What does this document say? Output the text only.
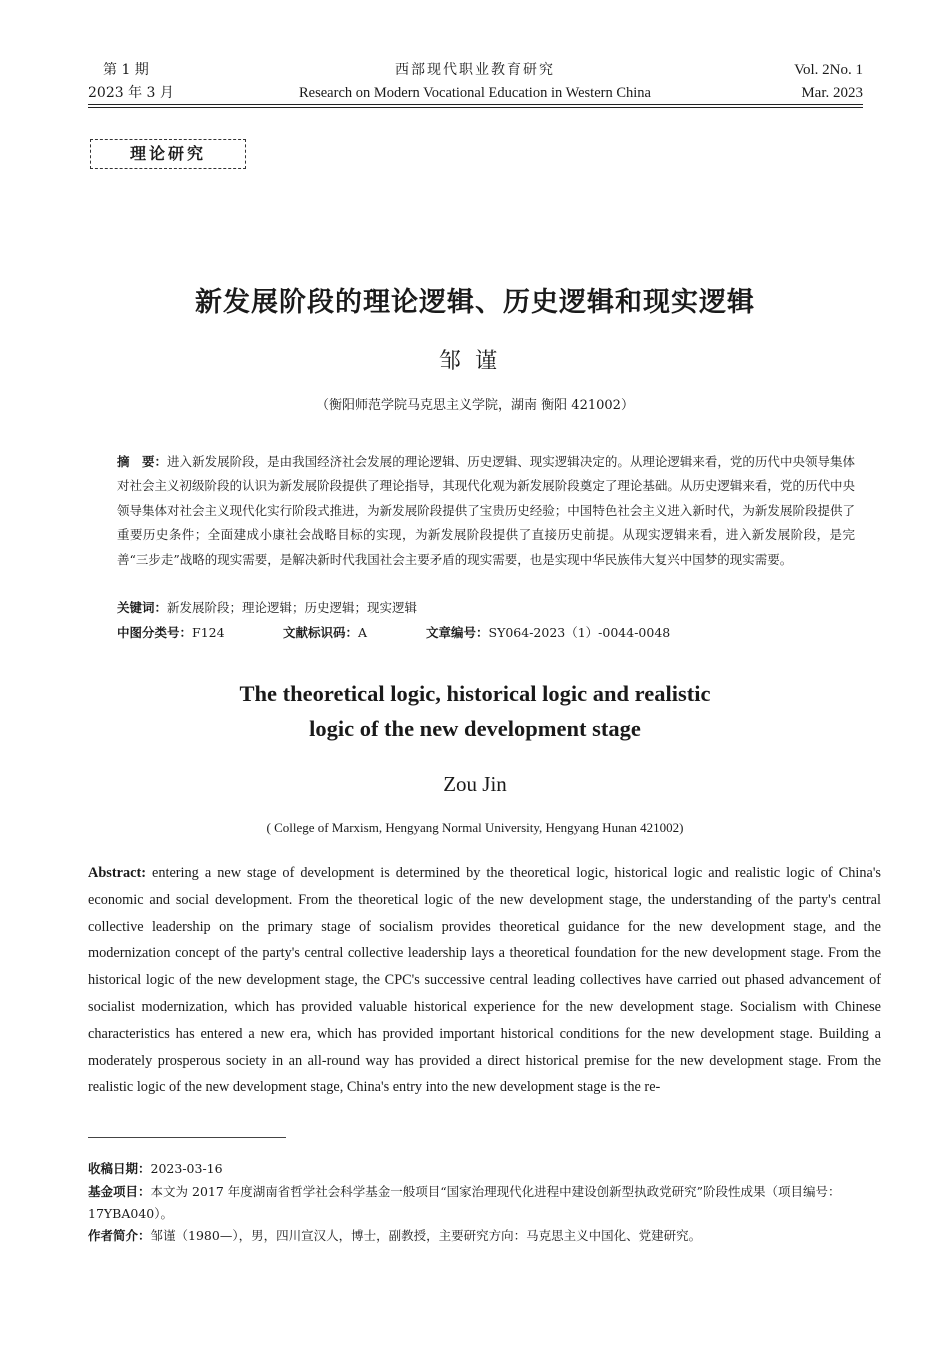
第 1 期
2023 年 3 月
西部现代职业教育研究
Research on Modern Vocational Education in Western China
Vol. 2No. 1
Mar. 2023
理论研究
新发展阶段的理论逻辑、历史逻辑和现实逻辑
邹谨
（衡阳师范学院马克思主义学院，湖南 衡阳 421002）
摘　要：进入新发展阶段，是由我国经济社会发展的理论逻辑、历史逻辑、现实逻辑决定的。从理论逻辑来看，党的历代中央领导集体对社会主义初级阶段的认识为新发展阶段提供了理论指导，其现代化观为新发展阶段奠定了理论基础。从历史逻辑来看，党的历代中央领导集体对社会主义现代化实行阶段式推进，为新发展阶段提供了宝贵历史经验；中国特色社会主义进入新时代，为新发展阶段提供了重要历史条件；全面建成小康社会战略目标的实现，为新发展阶段提供了直接历史前提。从现实逻辑来看，进入新发展阶段，是完善“三步走”战略的现实需要，是解决新时代我国社会主要矛盾的现实需要，也是实现中华民族伟大复兴中国梦的现实需要。
关键词：新发展阶段；理论逻辑；历史逻辑；现实逻辑
中图分类号：F124	文献标识码：A	文章编号：SY064-2023（1）-0044-0048
The theoretical logic, historical logic and realistic
logic of the new development stage
Zou Jin
( College of Marxism, Hengyang Normal University, Hengyang Hunan 421002)
Abstract: entering a new stage of development is determined by the theoretical logic, historical logic and realistic logic of China's economic and social development. From the theoretical logic of the new development stage, the understanding of the party's central collective leadership on the primary stage of socialism provides theoretical guidance for the new development stage, and the modernization concept of the party's central collective leadership lays a theoretical foundation for the new development stage. From the historical logic of the new development stage, the CPC's successive central leading collectives have carried out phased advancement of socialist modernization, which has provided valuable historical experience for the new development stage. Socialism with Chinese characteristics has entered a new era, which has provided important historical conditions for the new development stage. Building a moderately prosperous society in an all-round way has provided a direct historical premise for the new development stage. From the realistic logic of the new development stage, China's entry into the new development stage is the re-
收稿日期：2023-03-16
基金项目：本文为 2017 年度湖南省哲学社会科学基金一般项目“国家治理现代化进程中建设创新型执政党研究”阶段性成果（项目编号：17YBA040）。
作者简介：邹谨（1980—），男，四川宣汉人，博士，副教授，主要研究方向：马克思主义中国化、党建研究。
